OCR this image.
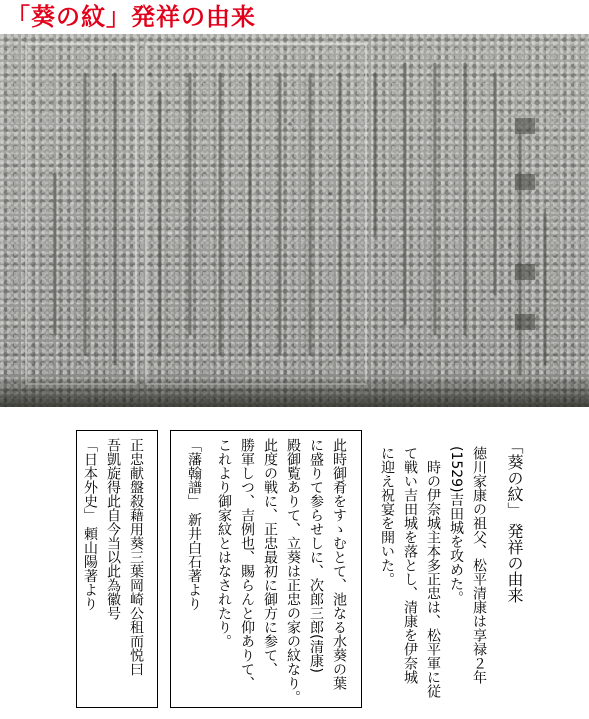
「葵の紋」発祥の由来
「葵の紋」 発祥の由来
徳川家康の祖父、松平清康は享禄２年
(1529)吉田城を攻めた。
　時の伊奈城主本多正忠は、松平軍に従
て戦い吉田城を落とし、清康を伊奈城
に迎え祝宴を開いた。
此時御肴をすゝむとて、池なる水葵の葉
に盛りて参らせしに、次郎三郎(清康)
殿御覧ありて、立葵は正忠の家の紋なり。
此度の戦に、正忠最初に御方に参て、
勝軍しつ、吉例也、賜らんと仰ありて、
これより御家紋とはなされたり。
「藩翰譜」 新井白石著より
正忠献盤殺藉用葵三葉岡崎公租而悦曰
吾凱旋得此自今当以此為徽号
「日本外史」 頼山陽著より
